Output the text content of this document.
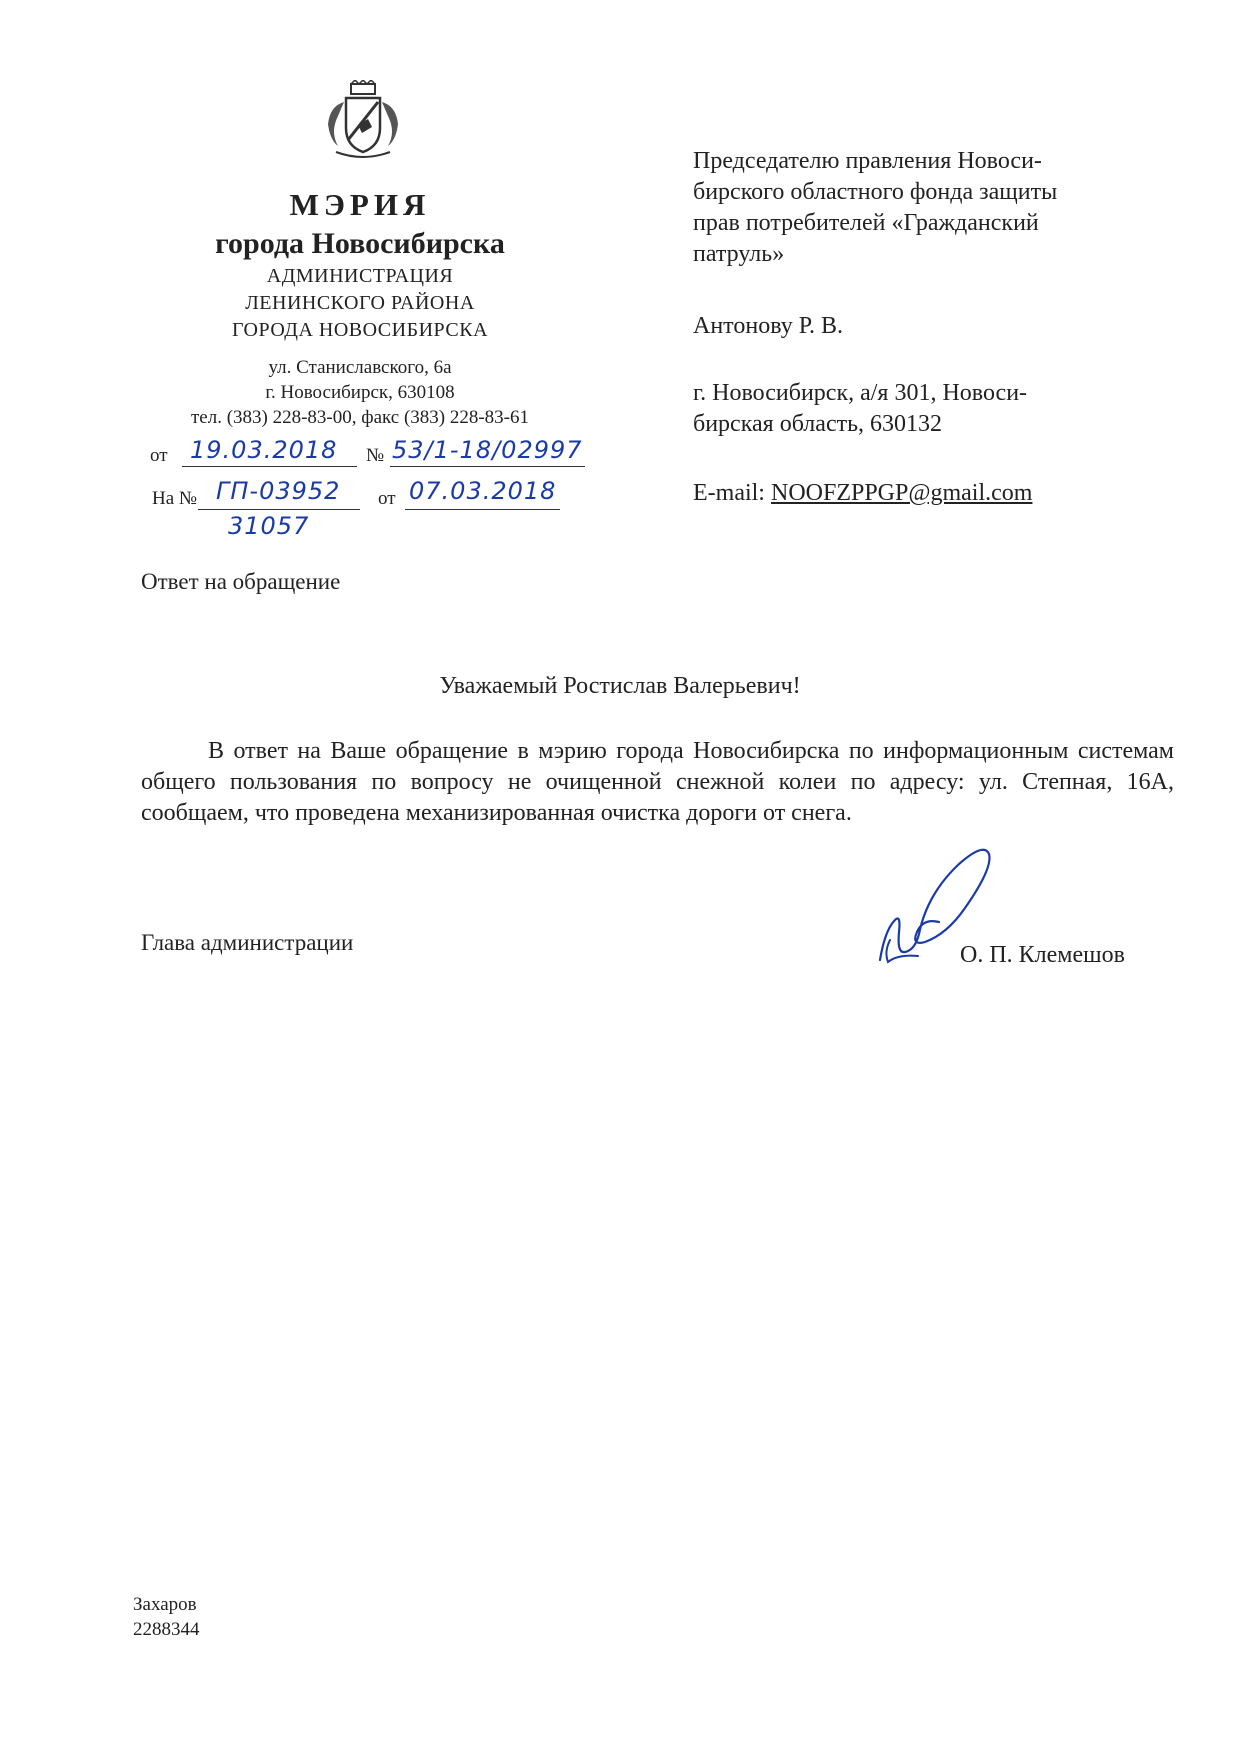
МЭРИЯ
города Новосибирска
АДМИНИСТРАЦИЯ
ЛЕНИНСКОГО РАЙОНА
ГОРОДА НОВОСИБИРСКА
ул. Станиславского, 6а
г. Новосибирск, 630108
тел. (383) 228-83-00, факс (383) 228-83-61
от 19.03.2018 № 53/1-18/02997
На № ГП-03952
31057
от 07.03.2018
Председателю правления Новоси-
бирского областного фонда защиты
прав потребителей «Гражданский
патруль»
Антонову Р. В.
г. Новосибирск, а/я 301, Новоси-
бирская область, 630132
E-mail: NOOFZPPGP@gmail.com
Ответ на обращение
Уважаемый Ростислав Валерьевич!
В ответ на Ваше обращение в мэрию города Новосибирска по информационным системам общего пользования по вопросу не очищенной снежной колеи по адресу: ул. Степная, 16А, сообщаем, что проведена механизированная очистка дороги от снега.
Глава администрации	О. П. Клемешов
Захаров
2288344
